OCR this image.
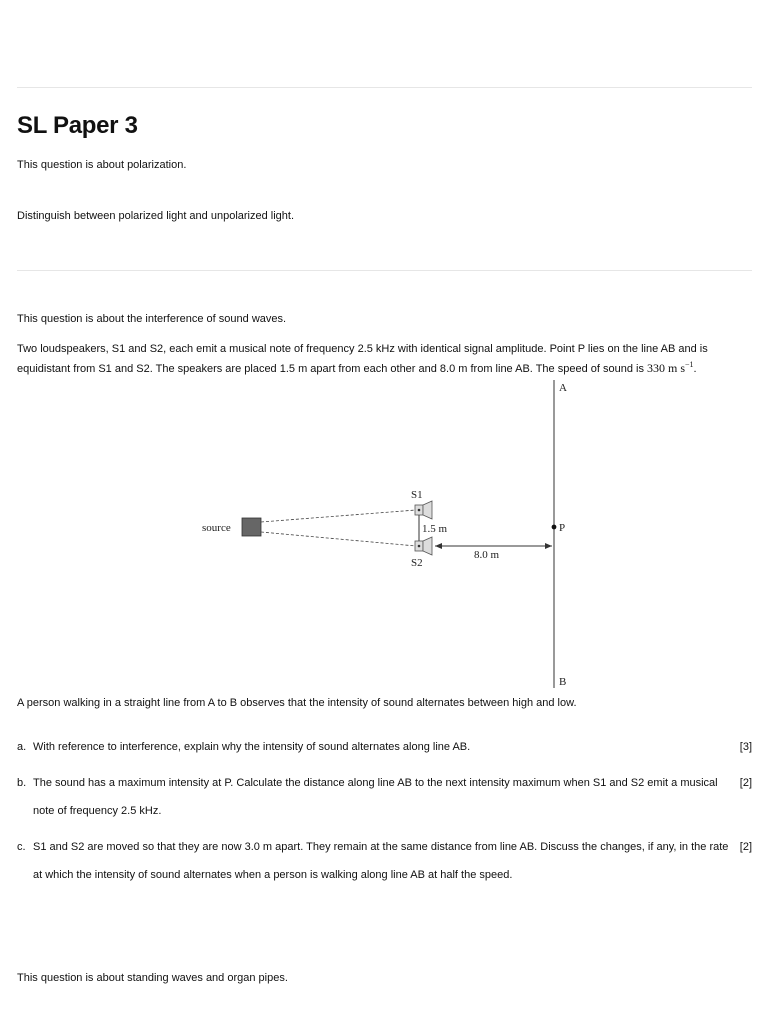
SL Paper 3

This question is about polarization.

Distinguish between polarized light and unpolarized light.

This question is about the interference of sound waves.

Two loudspeakers, S1 and S2, each emit a musical note of frequency 2.5 kHz with identical signal amplitude. Point P lies on the line AB and is equidistant from S1 and S2. The speakers are placed 1.5 m apart from each other and 8.0 m from line AB. The speed of sound is 330 m $s^{-1}$.

A
B
P
source
S1
S2
1.5 m
8.0 m

A person walking in a straight line from A to B observes that the intensity of sound alternates between high and low.

a. With reference to interference, explain why the intensity of sound alternates along line AB.	[3]
b. The sound has a maximum intensity at P. Calculate the distance along line AB to the next intensity maximum when S1 and S2 emit a musical note of frequency 2.5 kHz.
[2]
c. S1 and S2 are moved so that they are now 3.0 m apart. They remain at the same distance from line AB. Discuss the changes, if any, in the rate at which the intensity of sound alternates when a person is walking along line AB at half the speed.
[2]

This question is about standing waves and organ pipes.
